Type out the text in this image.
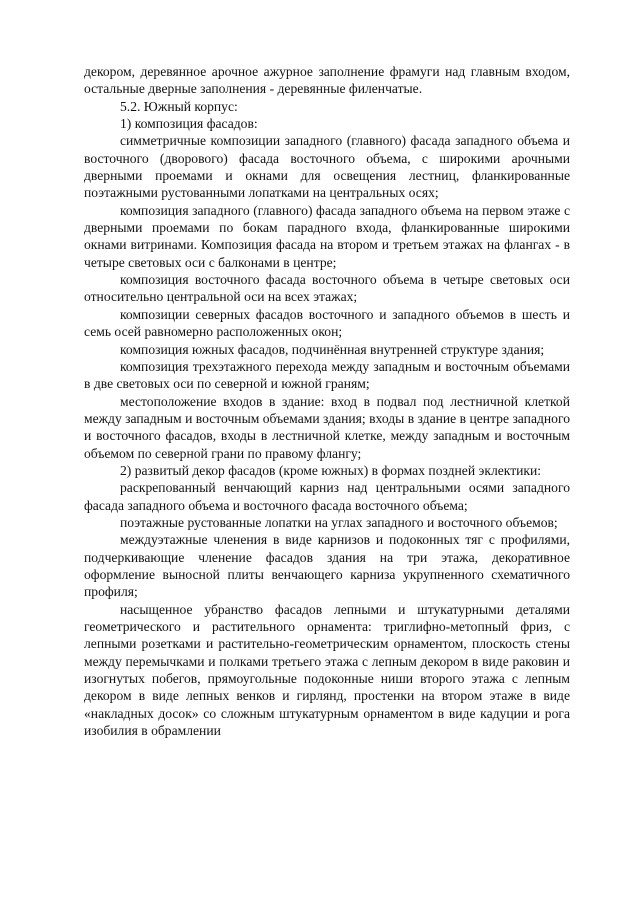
декором, деревянное арочное ажурное заполнение фрамуги над главным входом, остальные дверные заполнения - деревянные филенчатые.

5.2. Южный корпус:

1) композиция фасадов:

симметричные композиции западного (главного) фасада западного объема и восточного (дворового) фасада восточного объема, с широкими арочными дверными проемами и окнами для освещения лестниц, фланкированные поэтажными рустованными лопатками на центральных осях;

композиция западного (главного) фасада западного объема на первом этаже с дверными проемами по бокам парадного входа, фланкированные широкими окнами витринами. Композиция фасада на втором и третьем этажах на флангах - в четыре световых оси с балконами в центре;

композиция восточного фасада восточного объема в четыре световых оси относительно центральной оси на всех этажах;

композиции северных фасадов восточного и западного объемов в шесть и семь осей равномерно расположенных окон;

композиция южных фасадов, подчинённая внутренней структуре здания;

композиция трехэтажного перехода между западным и восточным объемами в две световых оси по северной и южной граням;

местоположение входов в здание: вход в подвал под лестничной клеткой между западным и восточным объемами здания; входы в здание в центре западного и восточного фасадов, входы в лестничной клетке, между западным и восточным объемом по северной грани по правому флангу;

2) развитый декор фасадов (кроме южных) в формах поздней эклектики:

раскрепованный венчающий карниз над центральными осями западного фасада западного объема и восточного фасада восточного объема;

поэтажные рустованные лопатки на углах западного и восточного объемов;

междуэтажные членения в виде карнизов и подоконных тяг с профилями, подчеркивающие членение фасадов здания на три этажа, декоративное оформление выносной плиты венчающего карниза укрупненного схематичного профиля;

насыщенное убранство фасадов лепными и штукатурными деталями геометрического и растительного орнамента: триглифно-метопный фриз, с лепными розетками и растительно-геометрическим орнаментом, плоскость стены между перемычками и полками третьего этажа с лепным декором в виде раковин и изогнутых побегов, прямоугольные подоконные ниши второго этажа с лепным декором в виде лепных венков и гирлянд, простенки на втором этаже в виде «накладных досок» со сложным штукатурным орнаментом в виде кадуции и рога изобилия в обрамлении
